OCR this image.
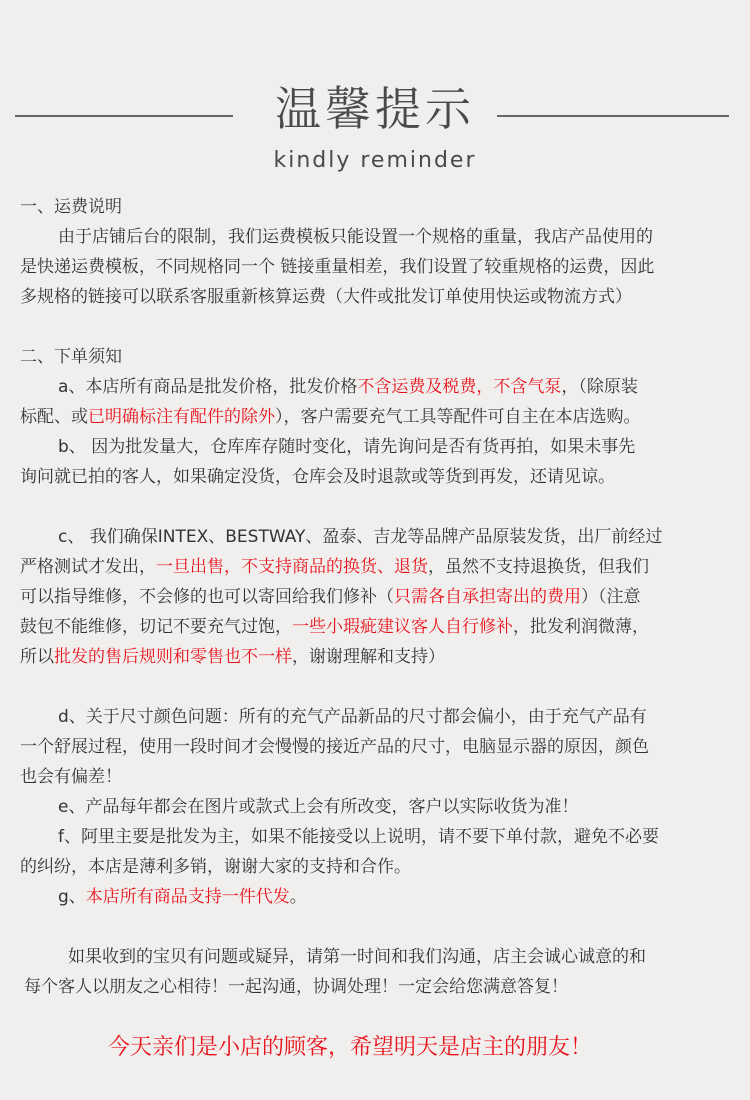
温馨提示
kindly reminder
一、运费说明
由于店铺后台的限制，我们运费模板只能设置一个规格的重量，我店产品使用的
是快递运费模板，不同规格同一个 链接重量相差，我们设置了较重规格的运费，因此
多规格的链接可以联系客服重新核算运费（大件或批发订单使用快运或物流方式）
二、下单须知
a、本店所有商品是批发价格，批发价格不含运费及税费，不含气泵，（除原装
标配、或已明确标注有配件的除外），客户需要充气工具等配件可自主在本店选购。
b、 因为批发量大，仓库库存随时变化，请先询问是否有货再拍，如果未事先
询问就已拍的客人，如果确定没货，仓库会及时退款或等货到再发，还请见谅。
c、 我们确保INTEX、BESTWAY、盈泰、吉龙等品牌产品原装发货，出厂前经过
严格测试才发出，一旦出售，不支持商品的换货、退货，虽然不支持退换货，但我们
可以指导维修，不会修的也可以寄回给我们修补（只需各自承担寄出的费用）（注意
鼓包不能维修，切记不要充气过饱，一些小瑕疵建议客人自行修补，批发利润微薄，
所以批发的售后规则和零售也不一样，谢谢理解和支持）
d、关于尺寸颜色问题：所有的充气产品新品的尺寸都会偏小，由于充气产品有
一个舒展过程，使用一段时间才会慢慢的接近产品的尺寸，电脑显示器的原因，颜色
也会有偏差！
e、产品每年都会在图片或款式上会有所改变，客户以实际收货为准！
f、阿里主要是批发为主，如果不能接受以上说明，请不要下单付款，避免不必要
的纠纷，本店是薄利多销，谢谢大家的支持和合作。
g、本店所有商品支持一件代发。
如果收到的宝贝有问题或疑异，请第一时间和我们沟通，店主会诚心诚意的和
每个客人以朋友之心相待！一起沟通，协调处理！一定会给您满意答复！
今天亲们是小店的顾客，希望明天是店主的朋友！
